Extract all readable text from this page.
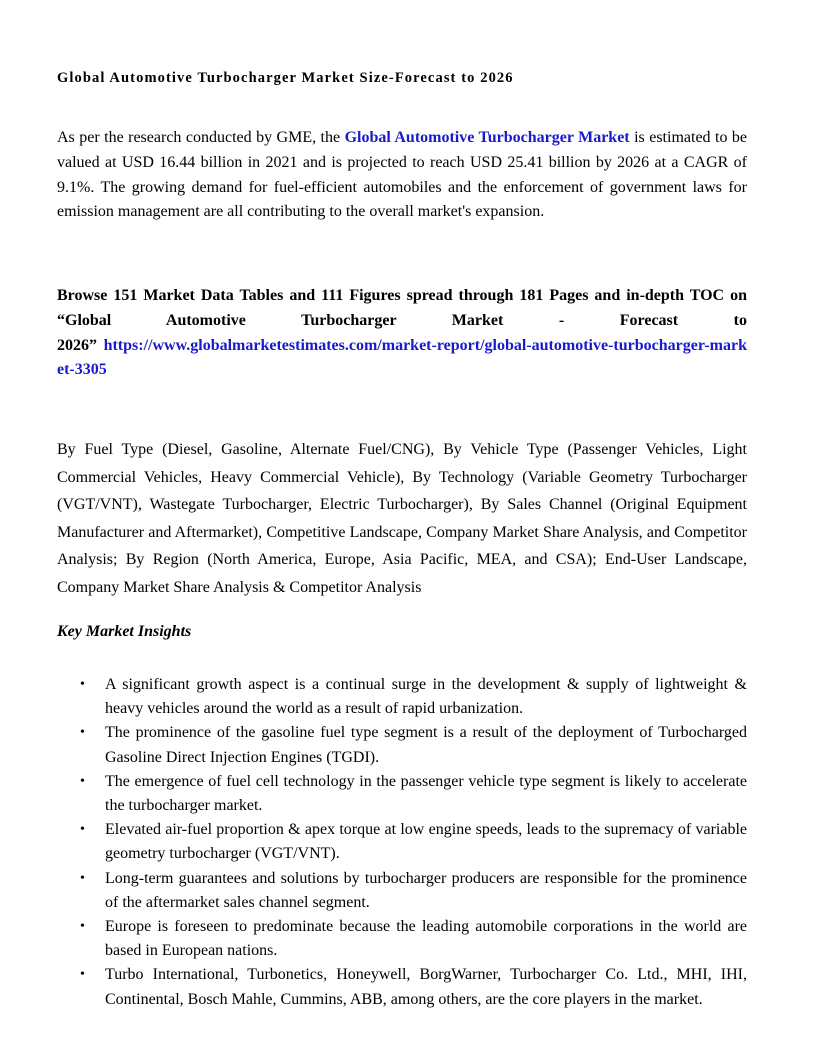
Global Automotive Turbocharger Market Size-Forecast to 2026

As per the research conducted by GME, the Global Automotive Turbocharger Market is estimated to be valued at USD 16.44 billion in 2021 and is projected to reach USD 25.41 billion by 2026 at a CAGR of 9.1%. The growing demand for fuel-efficient automobiles and the enforcement of government laws for emission management are all contributing to the overall market's expansion.

Browse 151 Market Data Tables and 111 Figures spread through 181 Pages and in-depth TOC on
“Global Automotive Turbocharger Market - Forecast to
2026” https://www.globalmarketestimates.com/market-report/global-automotive-turbocharger-market-3305

By Fuel Type (Diesel, Gasoline, Alternate Fuel/CNG), By Vehicle Type (Passenger Vehicles, Light Commercial Vehicles, Heavy Commercial Vehicle), By Technology (Variable Geometry Turbocharger (VGT/VNT), Wastegate Turbocharger, Electric Turbocharger), By Sales Channel (Original Equipment Manufacturer and Aftermarket), Competitive Landscape, Company Market Share Analysis, and Competitor Analysis; By Region (North America, Europe, Asia Pacific, MEA, and CSA); End-User Landscape, Company Market Share Analysis & Competitor Analysis

Key Market Insights
• A significant growth aspect is a continual surge in the development & supply of lightweight & heavy vehicles around the world as a result of rapid urbanization.
• The prominence of the gasoline fuel type segment is a result of the deployment of Turbocharged Gasoline Direct Injection Engines (TGDI).
• The emergence of fuel cell technology in the passenger vehicle type segment is likely to accelerate the turbocharger market.
• Elevated air-fuel proportion & apex torque at low engine speeds, leads to the supremacy of variable geometry turbocharger (VGT/VNT).
• Long-term guarantees and solutions by turbocharger producers are responsible for the prominence of the aftermarket sales channel segment.
• Europe is foreseen to predominate because the leading automobile corporations in the world are based in European nations.
• Turbo International, Turbonetics, Honeywell, BorgWarner, Turbocharger Co. Ltd., MHI, IHI, Continental, Bosch Mahle, Cummins, ABB, among others, are the core players in the market.
